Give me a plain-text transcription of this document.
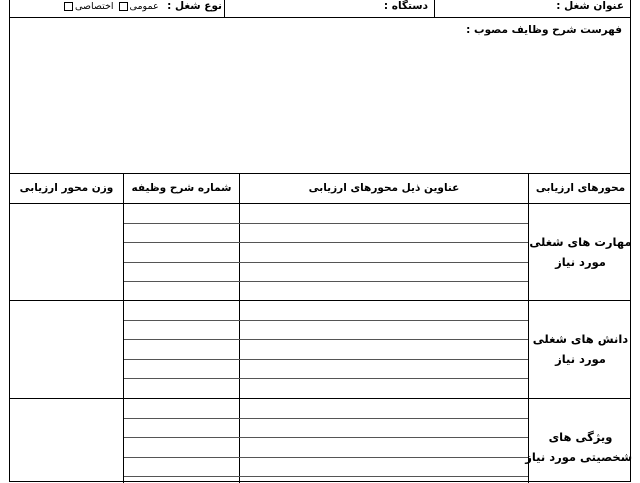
عنوان شغل :
دستگاه :
نوع شغل :
عمومی اختصاصی
فهرست شرح وظایف مصوب :
محورهای ارزیابی
عناوین ذیل محورهای ارزیابی
شماره شرح وظیفه
وزن محور ارزیابی
مهارت های شغلی
مورد نیاز
دانش های شغلی
مورد نیاز
ویژگی های
شخصیتی مورد نیاز
